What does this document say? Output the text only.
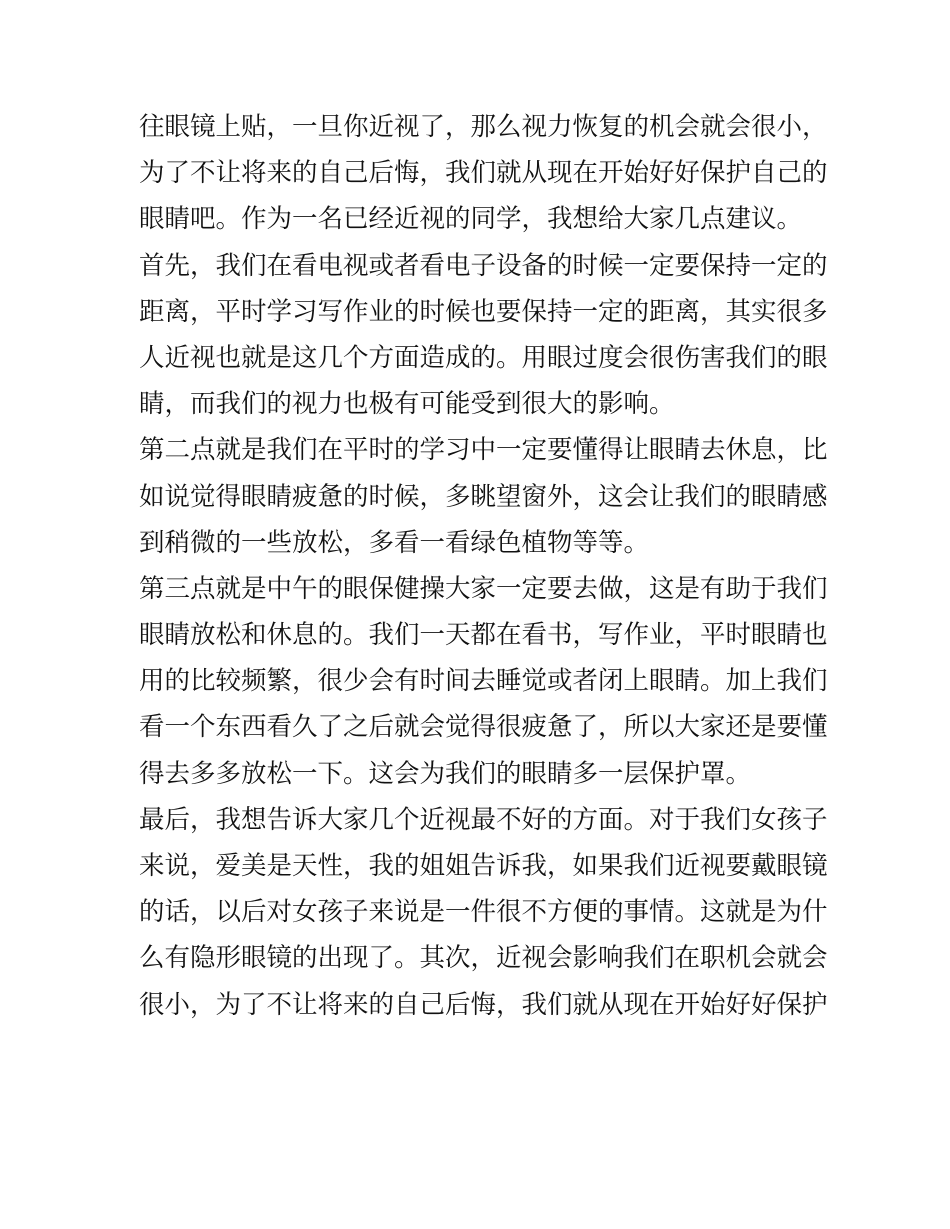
往眼镜上贴，一旦你近视了，那么视力恢复的机会就会很小，
为了不让将来的自己后悔，我们就从现在开始好好保护自己的
眼睛吧。作为一名已经近视的同学，我想给大家几点建议。
首先，我们在看电视或者看电子设备的时候一定要保持一定的
距离，平时学习写作业的时候也要保持一定的距离，其实很多
人近视也就是这几个方面造成的。用眼过度会很伤害我们的眼
睛，而我们的视力也极有可能受到很大的影响。
第二点就是我们在平时的学习中一定要懂得让眼睛去休息，比
如说觉得眼睛疲惫的时候，多眺望窗外，这会让我们的眼睛感
到稍微的一些放松，多看一看绿色植物等等。
第三点就是中午的眼保健操大家一定要去做，这是有助于我们
眼睛放松和休息的。我们一天都在看书，写作业，平时眼睛也
用的比较频繁，很少会有时间去睡觉或者闭上眼睛。加上我们
看一个东西看久了之后就会觉得很疲惫了，所以大家还是要懂
得去多多放松一下。这会为我们的眼睛多一层保护罩。
最后，我想告诉大家几个近视最不好的方面。对于我们女孩子
来说，爱美是天性，我的姐姐告诉我，如果我们近视要戴眼镜
的话，以后对女孩子来说是一件很不方便的事情。这就是为什
么有隐形眼镜的出现了。其次，近视会影响我们在职机会就会
很小，为了不让将来的自己后悔，我们就从现在开始好好保护
